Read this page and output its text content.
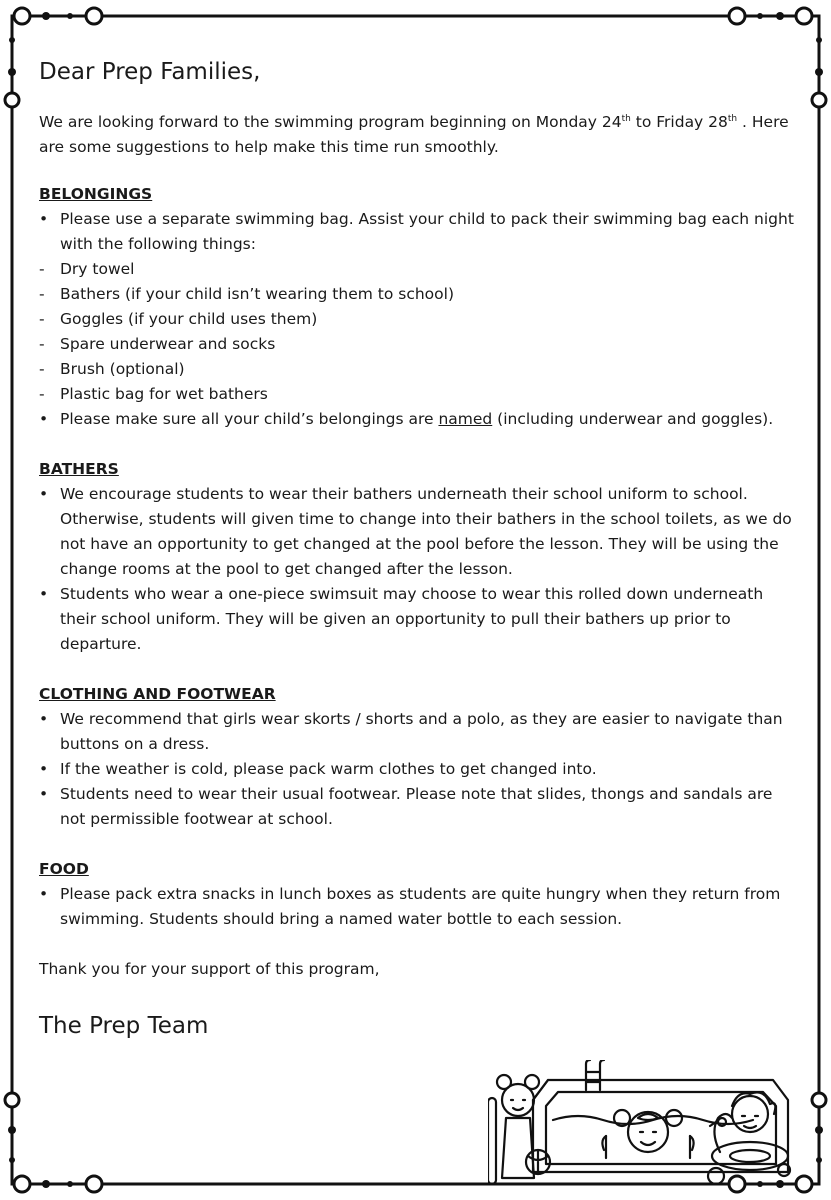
Dear Prep Families,

We are looking forward to the swimming program beginning on Monday 24th to Friday 28th . Here are some suggestions to help make this time run smoothly.

BELONGINGS
• Please use a separate swimming bag. Assist your child to pack their swimming bag each night with the following things:
- Dry towel
- Bathers (if your child isn’t wearing them to school)
- Goggles (if your child uses them)
- Spare underwear and socks
- Brush (optional)
- Plastic bag for wet bathers
• Please make sure all your child’s belongings are named (including underwear and goggles).
BATHERS
• We encourage students to wear their bathers underneath their school uniform to school. Otherwise, students will given time to change into their bathers in the school toilets, as we do not have an opportunity to get changed at the pool before the lesson. They will be using the change rooms at the pool to get changed after the lesson.
• Students who wear a one-piece swimsuit may choose to wear this rolled down underneath their school uniform. They will be given an opportunity to pull their bathers up prior to departure.
CLOTHING AND FOOTWEAR
• We recommend that girls wear skorts / shorts and a polo, as they are easier to navigate than buttons on a dress.
• If the weather is cold, please pack warm clothes to get changed into.
• Students need to wear their usual footwear. Please note that slides, thongs and sandals are not permissible footwear at school.
FOOD
• Please pack extra snacks in lunch boxes as students are quite hungry when they return from swimming. Students should bring a named water bottle to each session.

Thank you for your support of this program,

The Prep Team
